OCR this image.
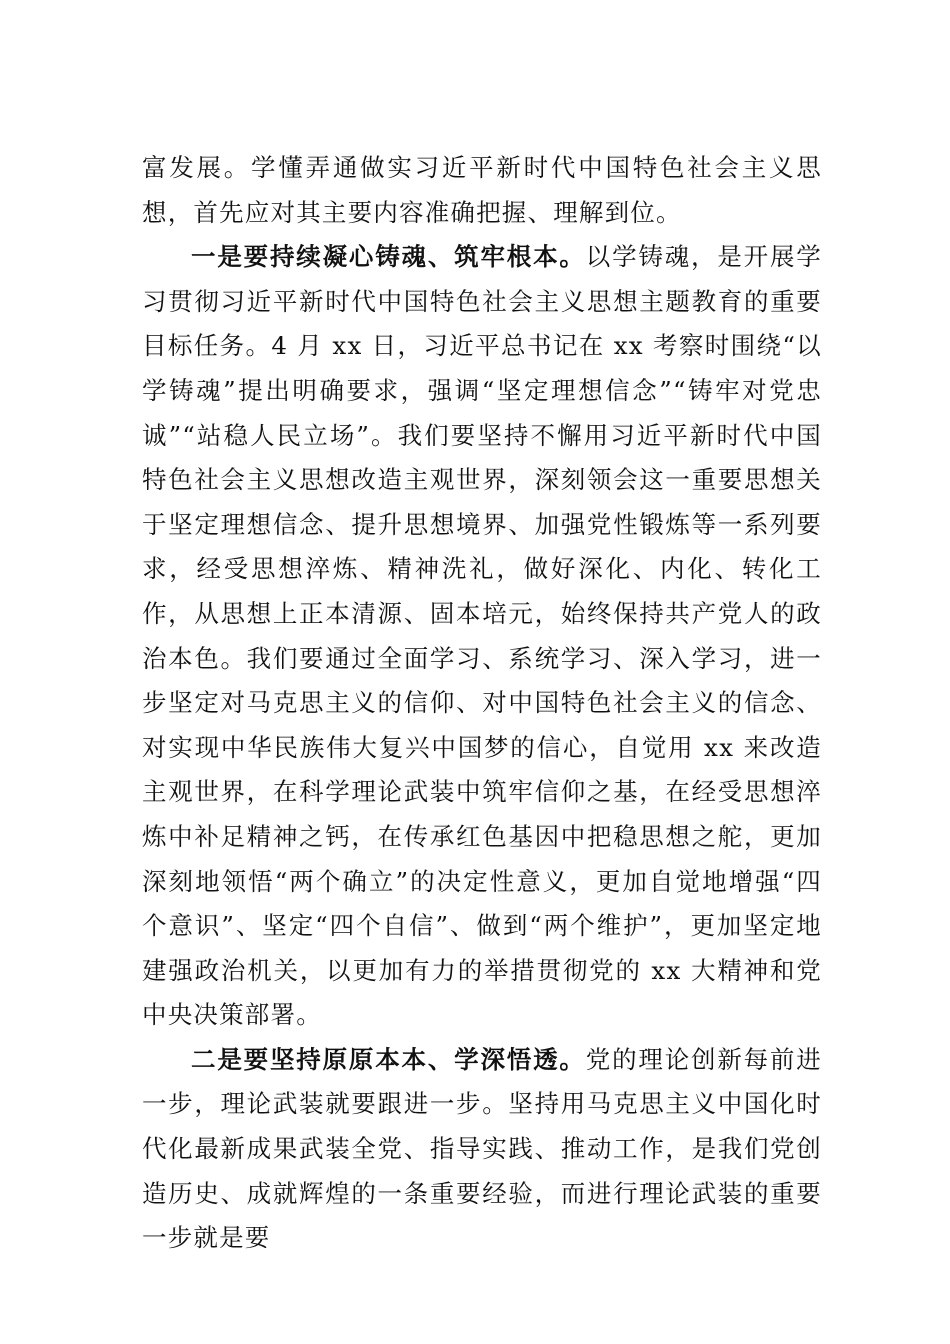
富发展。学懂弄通做实习近平新时代中国特色社会主义思想，首先应对其主要内容准确把握、理解到位。

一是要持续凝心铸魂、筑牢根本。以学铸魂，是开展学习贯彻习近平新时代中国特色社会主义思想主题教育的重要目标任务。4 月 xx 日，习近平总书记在 xx 考察时围绕“以学铸魂”提出明确要求，强调“坚定理想信念”“铸牢对党忠诚”“站稳人民立场”。我们要坚持不懈用习近平新时代中国特色社会主义思想改造主观世界，深刻领会这一重要思想关于坚定理想信念、提升思想境界、加强党性锻炼等一系列要求，经受思想淬炼、精神洗礼，做好深化、内化、转化工作，从思想上正本清源、固本培元，始终保持共产党人的政治本色。我们要通过全面学习、系统学习、深入学习，进一步坚定对马克思主义的信仰、对中国特色社会主义的信念、对实现中华民族伟大复兴中国梦的信心，自觉用 xx 来改造主观世界，在科学理论武装中筑牢信仰之基，在经受思想淬炼中补足精神之钙，在传承红色基因中把稳思想之舵，更加深刻地领悟“两个确立”的决定性意义，更加自觉地增强“四个意识”、坚定“四个自信”、做到“两个维护”，更加坚定地建强政治机关，以更加有力的举措贯彻党的 xx 大精神和党中央决策部署。

二是要坚持原原本本、学深悟透。党的理论创新每前进一步，理论武装就要跟进一步。坚持用马克思主义中国化时代化最新成果武装全党、指导实践、推动工作，是我们党创造历史、成就辉煌的一条重要经验，而进行理论武装的重要一步就是要
